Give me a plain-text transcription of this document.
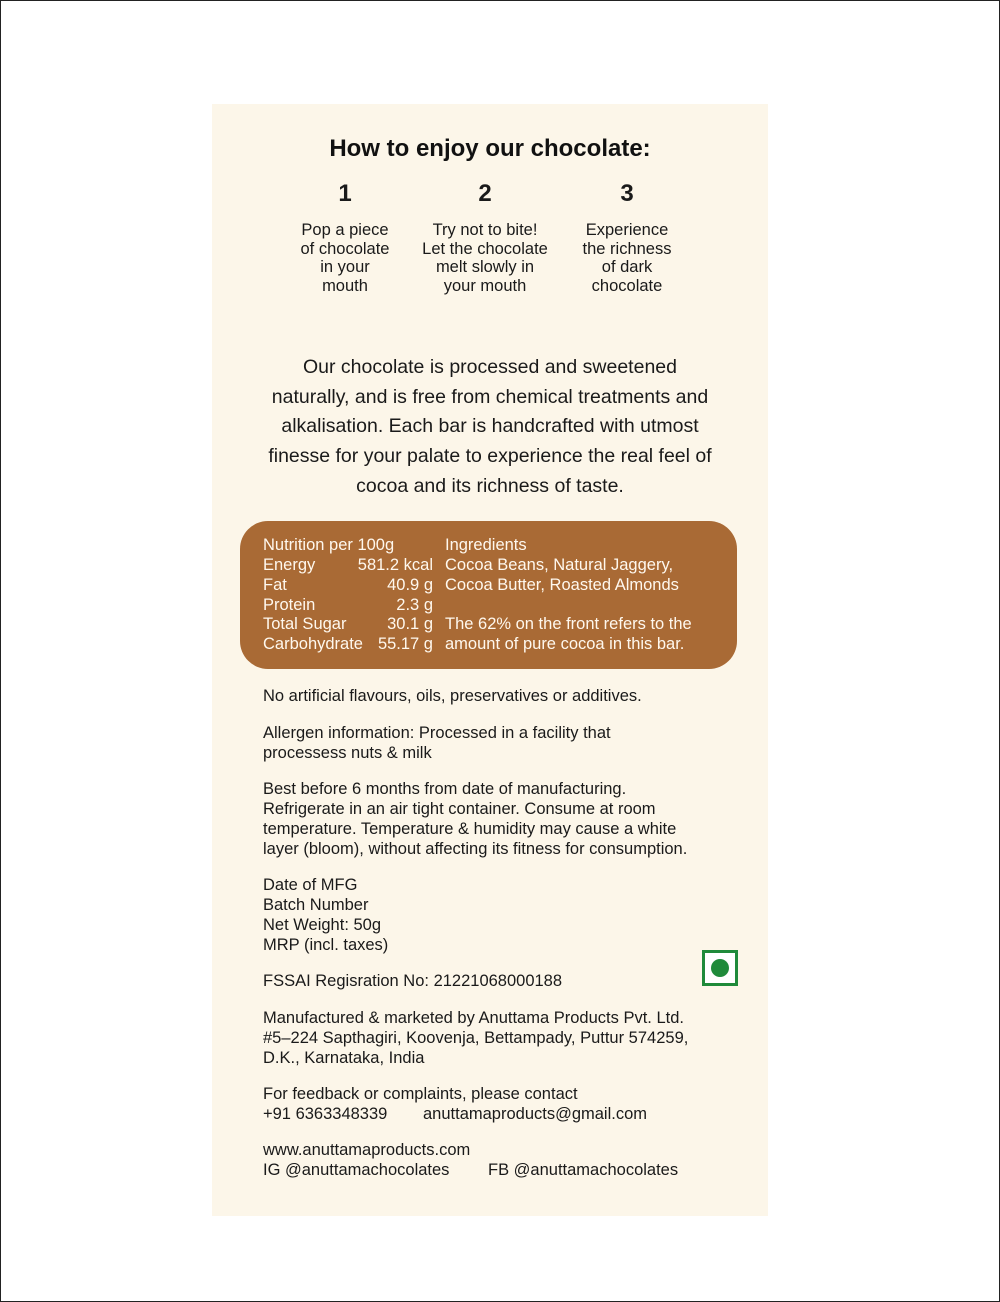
How to enjoy our chocolate:
1
Pop a piece
of chocolate
in your
mouth
2
Try not to bite!
Let the chocolate
melt slowly in
your mouth
3
Experience
the richness
of dark
chocolate
Our chocolate is processed and sweetened
naturally, and is free from chemical treatments and
alkalisation. Each bar is handcrafted with utmost
finesse for your palate to experience the real feel of
cocoa and its richness of taste.
Nutrition per 100g
Energy	581.2 kcal
Fat	40.9 g
Protein	2.3 g
Total Sugar 30.1 g
Carbohydrate 55.17 g
Ingredients
Cocoa Beans, Natural Jaggery,
Cocoa Butter, Roasted Almonds
The 62% on the front refers to the
amount of pure cocoa in this bar.
No artificial flavours, oils, preservatives or additives.
Allergen information: Processed in a facility that
processess nuts & milk
Best before 6 months from date of manufacturing.
Refrigerate in an air tight container. Consume at room
temperature. Temperature & humidity may cause a white
layer (bloom), without affecting its fitness for consumption.
Date of MFG
Batch Number
Net Weight: 50g
MRP (incl. taxes)
FSSAI Regisration No: 21221068000188
Manufactured & marketed by Anuttama Products Pvt. Ltd.
#5–224 Sapthagiri, Koovenja, Bettampady, Puttur 574259,
D.K., Karnataka, India
For feedback or complaints, please contact
+91 6363348339 anuttamaproducts@gmail.com
www.anuttamaproducts.com
IG @anuttamachocolates FB @anuttamachocolates
